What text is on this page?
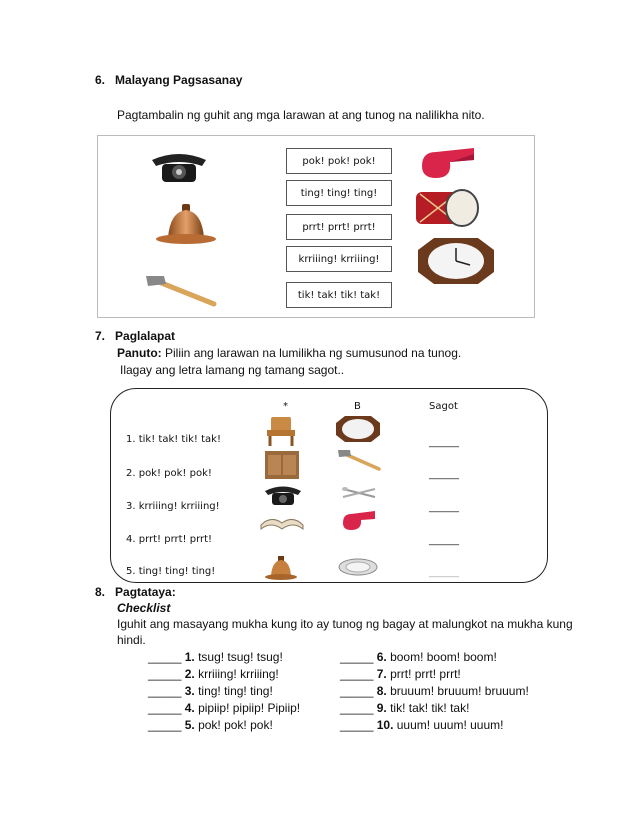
6. Malayang Pagsasanay
Pagtambalin ng guhit ang mga larawan at ang tunog na nalilikha nito.
pok! pok! pok!
ting! ting! ting!
prrt! prrt! prrt!
krriiing! krriiing!
tik! tak! tik! tak!
7. Paglalapat
Panuto: Piliin ang larawan na lumilikha ng sumusunod na tunog.
Ilagay ang letra lamang ng tamang sagot..
*	B	Sagot
1. tik! tak! tik! tak!
2. pok! pok! pok!
3. krriiing! krriiing!
4. prrt! prrt! prrt!
5. ting! ting! ting!
______
______
______
______
______
8. Pagtataya:
Checklist
Iguhit ang masayang mukha kung ito ay tunog ng bagay at malungkot na mukha kung
hindi.
_____ 1. tsug! tsug! tsug!
_____ 2. krriiing! krriiing!
_____ 3. ting! ting! ting!
_____ 4. pipiip! pipiip! Pipiip!
_____ 5. pok! pok! pok!
_____ 6. boom! boom! boom!
_____ 7. prrt! prrt! prrt!
_____ 8. bruuum! bruuum! bruuum!
_____ 9. tik! tak! tik! tak!
_____ 10. uuum! uuum! uuum!
